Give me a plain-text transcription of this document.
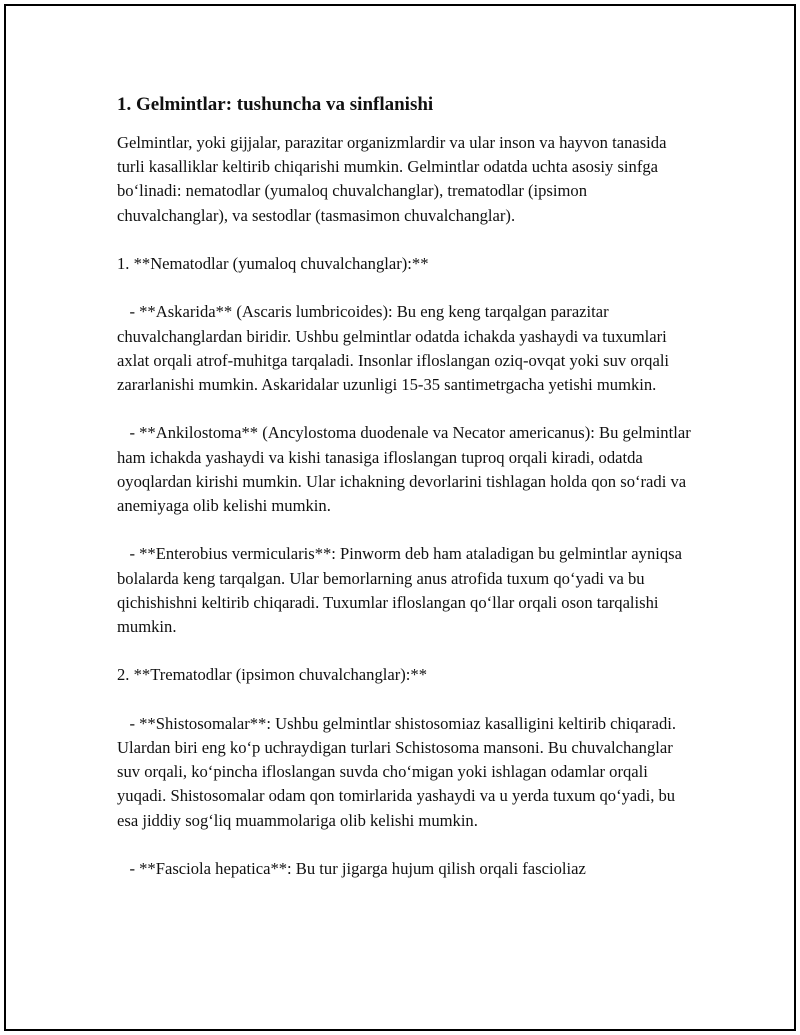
1. Gelmintlar: tushuncha va sinflanishi
Gelmintlar, yoki gijjalar, parazitar organizmlardir va ular inson va hayvon tanasida turli kasalliklar keltirib chiqarishi mumkin. Gelmintlar odatda uchta asosiy sinfga bo‘linadi: nematodlar (yumaloq chuvalchanglar), trematodlar (ipsimon chuvalchanglar), va sestodlar (tasmasimon chuvalchanglar).
1. **Nematodlar (yumaloq chuvalchanglar):**
- **Askarida** (Ascaris lumbricoides): Bu eng keng tarqalgan parazitar chuvalchanglardan biridir. Ushbu gelmintlar odatda ichakda yashaydi va tuxumlari axlat orqali atrof-muhitga tarqaladi. Insonlar ifloslangan oziq-ovqat yoki suv orqali zararlanishi mumkin. Askaridalar uzunligi 15-35 santimetrgacha yetishi mumkin.
- **Ankilostoma** (Ancylostoma duodenale va Necator americanus): Bu gelmintlar ham ichakda yashaydi va kishi tanasiga ifloslangan tuproq orqali kiradi, odatda oyoqlardan kirishi mumkin. Ular ichakning devorlarini tishlagan holda qon so‘radi va anemiyaga olib kelishi mumkin.
- **Enterobius vermicularis**: Pinworm deb ham ataladigan bu gelmintlar ayniqsa bolalarda keng tarqalgan. Ular bemorlarning anus atrofida tuxum qo‘yadi va bu qichishishni keltirib chiqaradi. Tuxumlar ifloslangan qo‘llar orqali oson tarqalishi mumkin.
2. **Trematodlar (ipsimon chuvalchanglar):**
- **Shistosomalar**: Ushbu gelmintlar shistosomiaz kasalligini keltirib chiqaradi. Ulardan biri eng ko‘p uchraydigan turlari Schistosoma mansoni. Bu chuvalchanglar suv orqali, ko‘pincha ifloslangan suvda cho‘migan yoki ishlagan odamlar orqali yuqadi. Shistosomalar odam qon tomirlarida yashaydi va u yerda tuxum qo‘yadi, bu esa jiddiy sog‘liq muammolariga olib kelishi mumkin.
- **Fasciola hepatica**: Bu tur jigarga hujum qilish orqali fascioliaz
